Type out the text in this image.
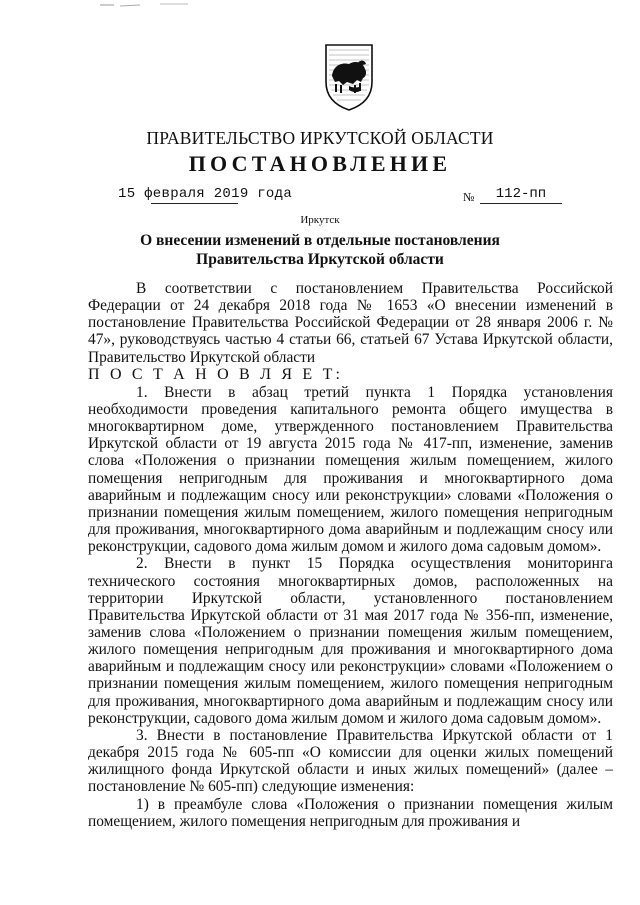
ПРАВИТЕЛЬСТВО ИРКУТСКОЙ ОБЛАСТИ
ПОСТАНОВЛЕНИЕ
15 февраля 2019 года	№	112-пп
Иркутск
О внесении изменений в отдельные постановления Правительства Иркутской области

В соответствии с постановлением Правительства Российской Федерации от 24 декабря 2018 года № 1653 «О внесении изменений в постановление Правительства Российской Федерации от 28 января 2006 г. № 47», руководствуясь частью 4 статьи 66, статьей 67 Устава Иркутской области, Правительство Иркутской области

П О С Т А Н О В Л Я Е Т:

1. Внести в абзац третий пункта 1 Порядка установления необходимости проведения капитального ремонта общего имущества в многоквартирном доме, утвержденного постановлением Правительства Иркутской области от 19 августа 2015 года № 417-пп, изменение, заменив слова «Положения о признании помещения жилым помещением, жилого помещения непригодным для проживания и многоквартирного дома аварийным и подлежащим сносу или реконструкции» словами «Положения о признании помещения жилым помещением, жилого помещения непригодным для проживания, многоквартирного дома аварийным и подлежащим сносу или реконструкции, садового дома жилым домом и жилого дома садовым домом».

2. Внести в пункт 15 Порядка осуществления мониторинга технического состояния многоквартирных домов, расположенных на территории Иркутской области, установленного постановлением Правительства Иркутской области от 31 мая 2017 года № 356-пп, изменение, заменив слова «Положением о признании помещения жилым помещением, жилого помещения непригодным для проживания и многоквартирного дома аварийным и подлежащим сносу или реконструкции» словами «Положением о признании помещения жилым помещением, жилого помещения непригодным для проживания, многоквартирного дома аварийным и подлежащим сносу или реконструкции, садового дома жилым домом и жилого дома садовым домом».

3. Внести в постановление Правительства Иркутской области от 1 декабря 2015 года № 605-пп «О комиссии для оценки жилых помещений жилищного фонда Иркутской области и иных жилых помещений» (далее – постановление № 605-пп) следующие изменения:

1) в преамбуле слова «Положения о признании помещения жилым помещением, жилого помещения непригодным для проживания и
